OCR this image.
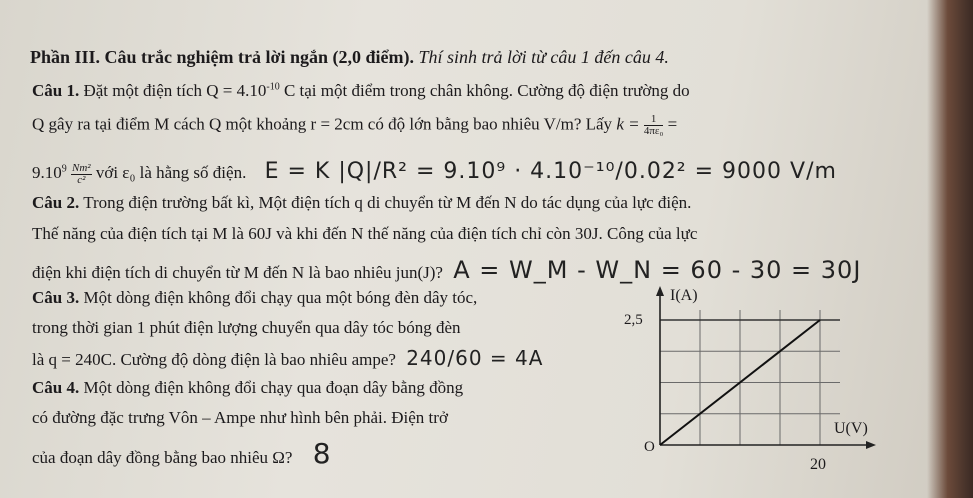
Phần III. Câu trắc nghiệm trả lời ngắn (2,0 điểm). Thí sinh trả lời từ câu 1 đến câu 4.
Câu 1. Đặt một điện tích $Q = 4.10^{-10}$ C tại một điểm trong chân không. Cường độ điện trường do
Q gây ra tại điểm M cách Q một khoảng r = 2cm có độ lớn bằng bao nhiêu V/m? Lấy $k = \frac{1}{\text{4πε₀}}$ =
$9.10^9 \frac{\text{Nm²}}{\text{c²}}$ với ε₀ là hằng số điện. E = K |Q|/R² = 9.10⁹ · 4.10⁻¹⁰/0.02² = 9000 V/m
Câu 2. Trong điện trường bất kì, Một điện tích q di chuyển từ M đến N do tác dụng của lực điện.
Thế năng của điện tích tại M là 60J và khi đến N thế năng của điện tích chỉ còn 30J. Công của lực
điện khi điện tích di chuyển từ M đến N là bao nhiêu jun(J)? A = W_M - W_N = 60 - 30 = 30J
Câu 3. Một dòng điện không đổi chạy qua một bóng đèn dây tóc,
trong thời gian 1 phút điện lượng chuyển qua dây tóc bóng đèn
là q = 240C. Cường độ dòng điện là bao nhiêu ampe? 240/60 = 4A
Câu 4. Một dòng điện không đổi chạy qua đoạn dây bằng đồng
có đường đặc trưng Vôn – Ampe như hình bên phải. Điện trở
của đoạn dây đồng bằng bao nhiêu Ω? 8
I(A)
U(V)
O
20
2,5
